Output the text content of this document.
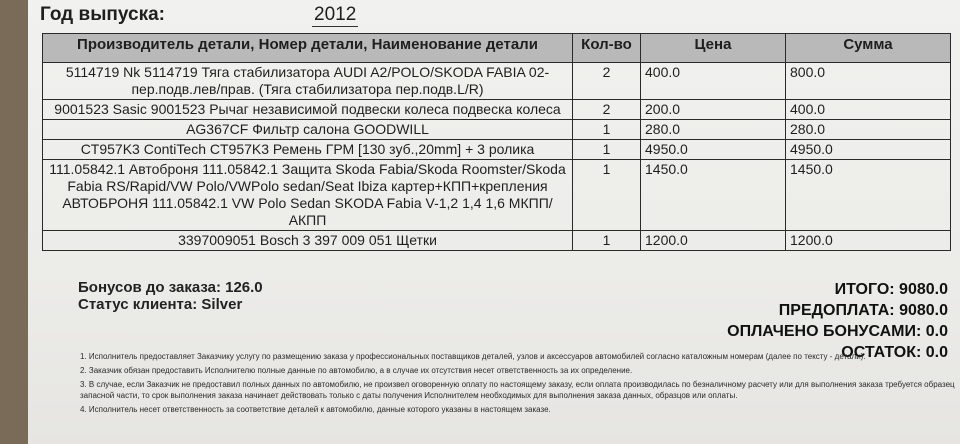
Год выпуска:	2012
Производитель детали, Номер детали, Наименование детали	Кол-во	Цена	Сумма
5114719 Nk 5114719 Тяга стабилизатора AUDI A2/POLO/SKODA FABIA 02-пер.подв.лев/прав. (Тяга стабилизатора пер.подв.L/R)	2	400.0	800.0
9001523 Sasic 9001523 Рычаг независимой подвески колеса подвеска колеса	2	200.0	400.0
AG367CF Фильтр салона GOODWILL	1	280.0	280.0
CT957K3 ContiTech CT957K3 Ремень ГРМ [130 зуб.,20mm] + 3 ролика	1	4950.0	4950.0
111.05842.1 Автоброня 111.05842.1 Защита Skoda Fabia/Skoda Roomster/Skoda Fabia RS/Rapid/VW Polo/VWPolo sedan/Seat Ibiza картер+КПП+крепления АВТОБРОНЯ 111.05842.1 VW Polo Sedan SKODA Fabia V-1,2 1,4 1,6 МКПП/АКПП	1	1450.0	1450.0
3397009051 Bosch 3 397 009 051 Щетки	1	1200.0	1200.0
Бонусов до заказа: 126.0
Статус клиента: Silver
ИТОГО: 9080.0
ПРЕДОПЛАТА: 9080.0
ОПЛАЧЕНО БОНУСАМИ: 0.0
ОСТАТОК: 0.0

1. Исполнитель предоставляет Заказчику услугу по размещению заказа у профессиональных поставщиков деталей, узлов и аксессуаров автомобилей согласно каталожным номерам (далее по тексту - детали).

2. Заказчик обязан предоставить Исполнителю полные данные по автомобилю, а в случае их отсутствия несет ответственность за их определение.

3. В случае, если Заказчик не предоставил полных данных по автомобилю, не произвел оговоренную оплату по настоящему заказу, если оплата производилась по безналичному расчету или для выполнения заказа требуется образец запасной части, то срок выполнения заказа начинает действовать только с даты получения Исполнителем необходимых для выполнения заказа данных, образцов или оплаты.

4. Исполнитель несет ответственность за соответствие деталей к автомобилю, данные которого указаны в настоящем заказе.
